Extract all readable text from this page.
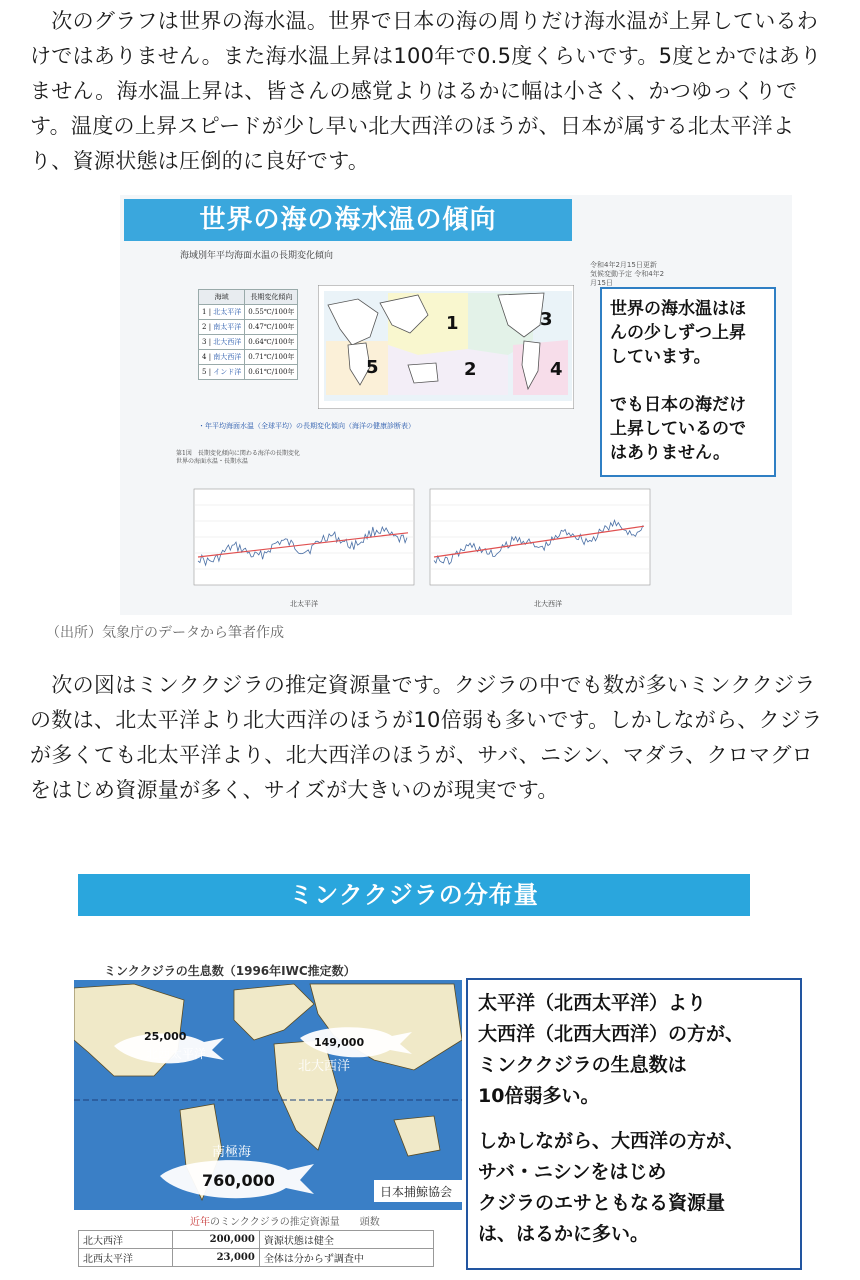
　次のグラフは世界の海水温。世界で日本の海の周りだけ海水温が上昇しているわけではありません。また海水温上昇は100年で0.5度くらいです。5度とかではありません。海水温上昇は、皆さんの感覚よりはるかに幅は小さく、かつゆっくりです。温度の上昇スピードが少し早い北大西洋のほうが、日本が属する北太平洋より、資源状態は圧倒的に良好です。

世界の海の海水温の傾向
海域別年平均海面水温の長期変化傾向
令和4年2月15日更新
気候変動予定 令和4年2月15日
海域	長期変化傾向
1 | 北太平洋	0.55℃/100年
2 | 南太平洋	0.47℃/100年
3 | 北大西洋	0.64℃/100年
4 | 南大西洋	0.71℃/100年
5 | インド洋	0.61℃/100年
1
2
3
4
5
・年平均海面水温（全球平均）の長期変化傾向（海洋の健康診断表）
第1図　長期変化傾向に関わる海洋の長期変化
世界の海面水温・長期水温

世界の海水温はほ

んの少しずつ上昇

しています。

でも日本の海だけ

上昇しているので

はありません。

北太平洋	北大西洋
（出所）気象庁のデータから筆者作成

　次の図はミンククジラの推定資源量です。クジラの中でも数が多いミンククジラの数は、北太平洋より北大西洋のほうが10倍弱も多いです。しかしながら、クジラが多くても北太平洋より、北大西洋のほうが、サバ、ニシン、マダラ、クロマグロをはじめ資源量が多く、サイズが大きいのが現実です。

ミンククジラの分布量
ミンククジラの生息数（1996年IWC推定数）
25,000
北西太平洋
149,000
北大西洋
南極海
760,000
日本捕鯨協会

太平洋（北西太平洋）より

大西洋（北西大西洋）の方が、

ミンククジラの生息数は

10倍弱多い。

しかしながら、大西洋の方が、

サバ・ニシンをはじめ

クジラのエサともなる資源量

は、はるかに多い。

近年のミンククジラの推定資源量　　頭数
北大西洋	200,000	資源状態は健全
北西太平洋	23,000	全体は分からず調査中
